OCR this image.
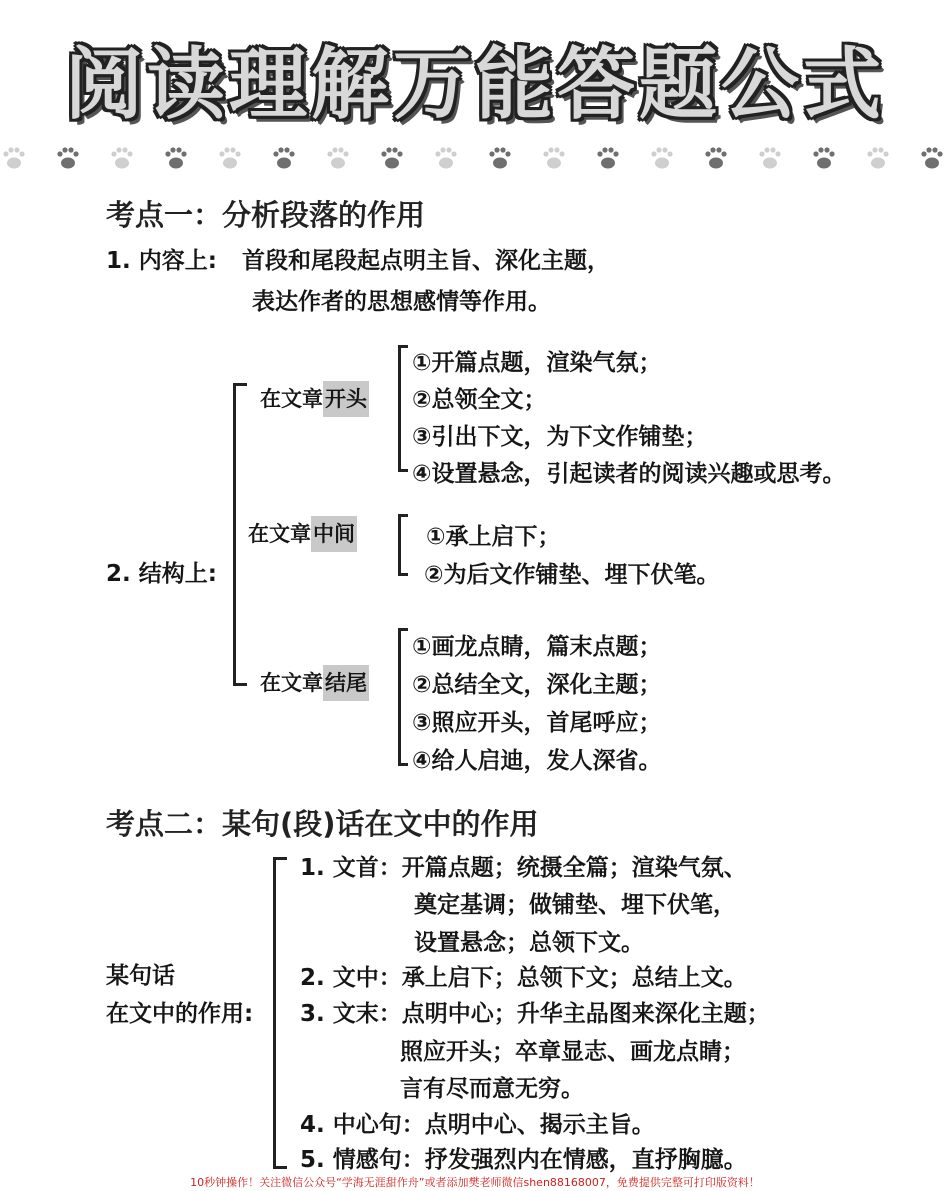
阅读理解万能答题公式
考点一：分析段落的作用
1. 内容上: 首段和尾段起点明主旨、深化主题，
表达作者的思想感情等作用。
2. 结构上:
在文章开头
①开篇点题，渲染气氛；
②总领全文；
③引出下文，为下文作铺垫；
④设置悬念，引起读者的阅读兴趣或思考。
在文章中间	①承上启下；
②为后文作铺垫、埋下伏笔。
在文章结尾
①画龙点睛，篇末点题；
②总结全文，深化主题；
③照应开头，首尾呼应；
④给人启迪，发人深省。
考点二：某句(段)话在文中的作用
某句话
在文中的作用:
1. 文首：开篇点题；统摄全篇；渲染气氛、
奠定基调；做铺垫、埋下伏笔，
设置悬念；总领下文。
2. 文中：承上启下；总领下文；总结上文。
3. 文末：点明中心；升华主品图来深化主题；
照应开头；卒章显志、画龙点睛；
言有尽而意无穷。
4. 中心句：点明中心、揭示主旨。
5. 情感句：抒发强烈内在情感，直抒胸臆。
10秒钟操作！关注微信公众号“学海无涯甜作舟”或者添加樊老师微信shen88168007，免费提供完整可打印版资料！
